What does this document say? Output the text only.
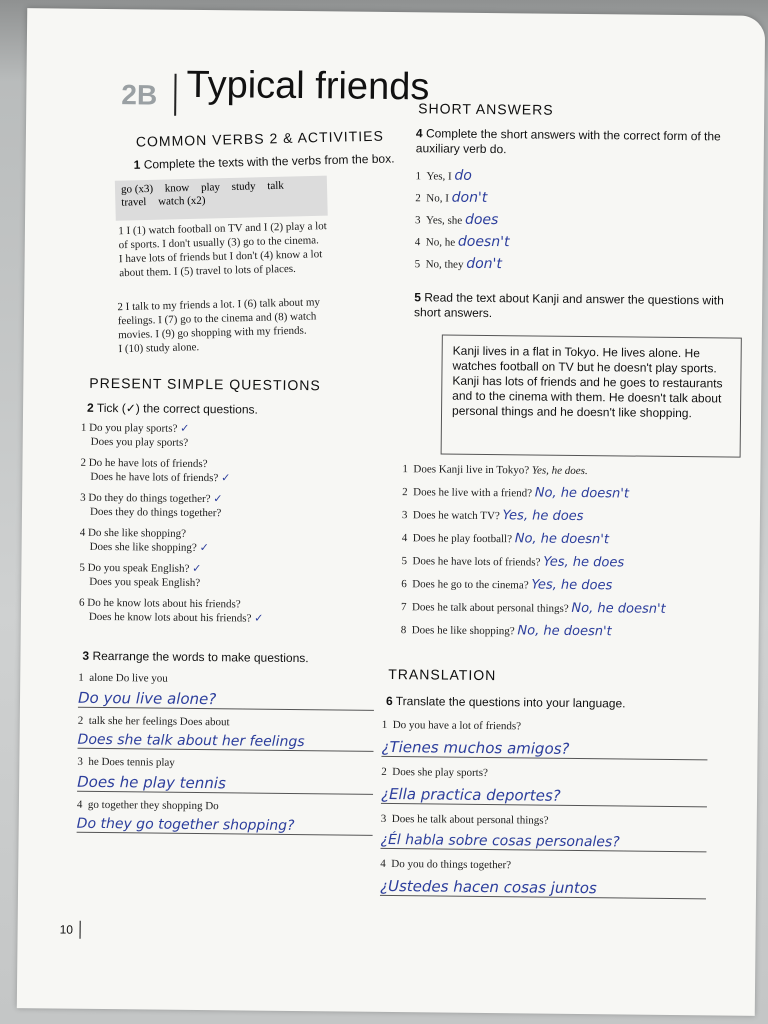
2B Typical friends
COMMON VERBS 2 & ACTIVITIES
1 Complete the texts with the verbs from the box.
go (x3) know play study talk
travel watch (x2)
1 I (1) watch football on TV and I (2) play a lot
of sports. I don't usually (3) go to the cinema.
I have lots of friends but I don't (4) know a lot
about them. I (5) travel to lots of places.
2 I talk to my friends a lot. I (6) talk about my
feelings. I (7) go to the cinema and (8) watch
movies. I (9) go shopping with my friends.
I (10) study alone.
PRESENT SIMPLE QUESTIONS
2 Tick (✓) the correct questions.
1 Do you play sports? ✓
Does you play sports?
2 Do he have lots of friends?
Does he have lots of friends? ✓
3 Do they do things together? ✓
Does they do things together?
4 Do she like shopping?
Does she like shopping? ✓
5 Do you speak English? ✓
Does you speak English?
6 Do he know lots about his friends?
Does he know lots about his friends? ✓
3 Rearrange the words to make questions.
1 alone Do live you
Do you live alone?
2 talk she her feelings Does about
Does she talk about her feelings
3 he Does tennis play
Does he play tennis
4 go together they shopping Do
Do they go together shopping?
10
SHORT ANSWERS
4 Complete the short answers with the correct form of the auxiliary verb do.
1 Yes, I do
2 No, I don't
3 Yes, she does
4 No, he doesn't
5 No, they don't
5 Read the text about Kanji and answer the questions with short answers.
Kanji lives in a flat in Tokyo. He lives alone. He watches football on TV but he doesn't play sports. Kanji has lots of friends and he goes to restaurants and to the cinema with them. He doesn't talk about personal things and he doesn't like shopping.
1 Does Kanji live in Tokyo? Yes, he does.
2 Does he live with a friend? No, he doesn't
3 Does he watch TV? Yes, he does
4 Does he play football? No, he doesn't
5 Does he have lots of friends? Yes, he does
6 Does he go to the cinema? Yes, he does
7 Does he talk about personal things? No, he doesn't
8 Does he like shopping? No, he doesn't
TRANSLATION
6 Translate the questions into your language.
1 Do you have a lot of friends?
¿Tienes muchos amigos?
2 Does she play sports?
¿Ella practica deportes?
3 Does he talk about personal things?
¿Él habla sobre cosas personales?
4 Do you do things together?
¿Ustedes hacen cosas juntos
